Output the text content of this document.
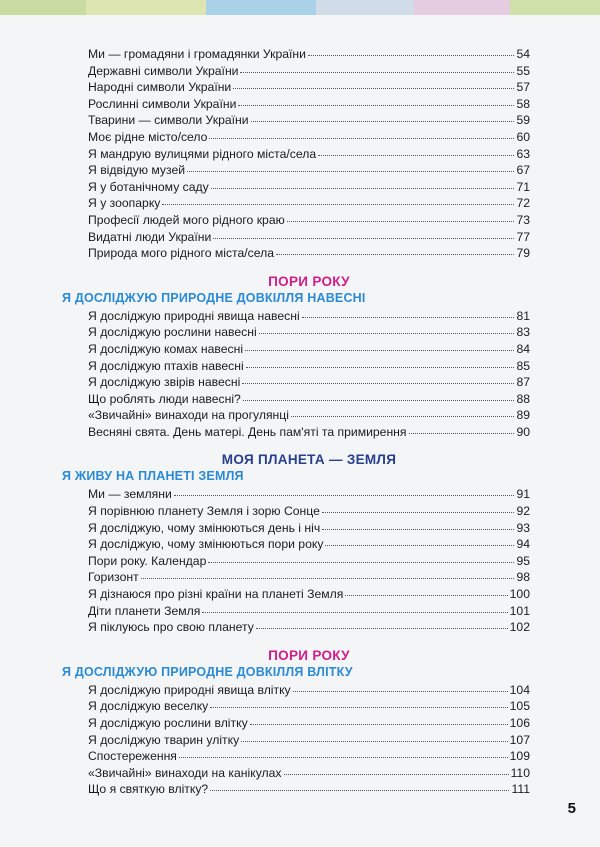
Ми — громадяни і громадянки України	54
Державні символи України	55
Народні символи України	57
Рослинні символи України	58
Тварини — символи України	59
Моє рідне місто/село	60
Я мандрую вулицями рідного міста/села	63
Я відвідую музей	67
Я у ботанічному саду	71
Я у зоопарку	72
Професії людей мого рідного краю	73
Видатні люди України	77
Природа мого рідного міста/села	79
ПОРИ РОКУ
Я ДОСЛІДЖУЮ ПРИРОДНЕ ДОВКІЛЛЯ НАВЕСНІ
Я досліджую природні явища навесні	81
Я досліджую рослини навесні	83
Я досліджую комах навесні	84
Я досліджую птахів навесні	85
Я досліджую звірів навесні	87
Що роблять люди навесні?	88
«Звичайні» винаходи на прогулянці	89
Весняні свята. День матері. День пам'яті та примирення	90
МОЯ ПЛАНЕТА — ЗЕМЛЯ
Я ЖИВУ НА ПЛАНЕТІ ЗЕМЛЯ
Ми — земляни	91
Я порівнюю планету Земля і зорю Сонце	92
Я досліджую, чому змінюються день і ніч	93
Я досліджую, чому змінюються пори року	94
Пори року. Календар	95
Горизонт	98
Я дізнаюся про різні країни на планеті Земля	100
Діти планети Земля	101
Я піклуюсь про свою планету	102
ПОРИ РОКУ
Я ДОСЛІДЖУЮ ПРИРОДНЕ ДОВКІЛЛЯ ВЛІТКУ
Я досліджую природні явища влітку	104
Я досліджую веселку	105
Я досліджую рослини влітку	106
Я досліджую тварин улітку	107
Спостереження	109
«Звичайні» винаходи на канікулах	110
Що я святкую влітку?	111
5
